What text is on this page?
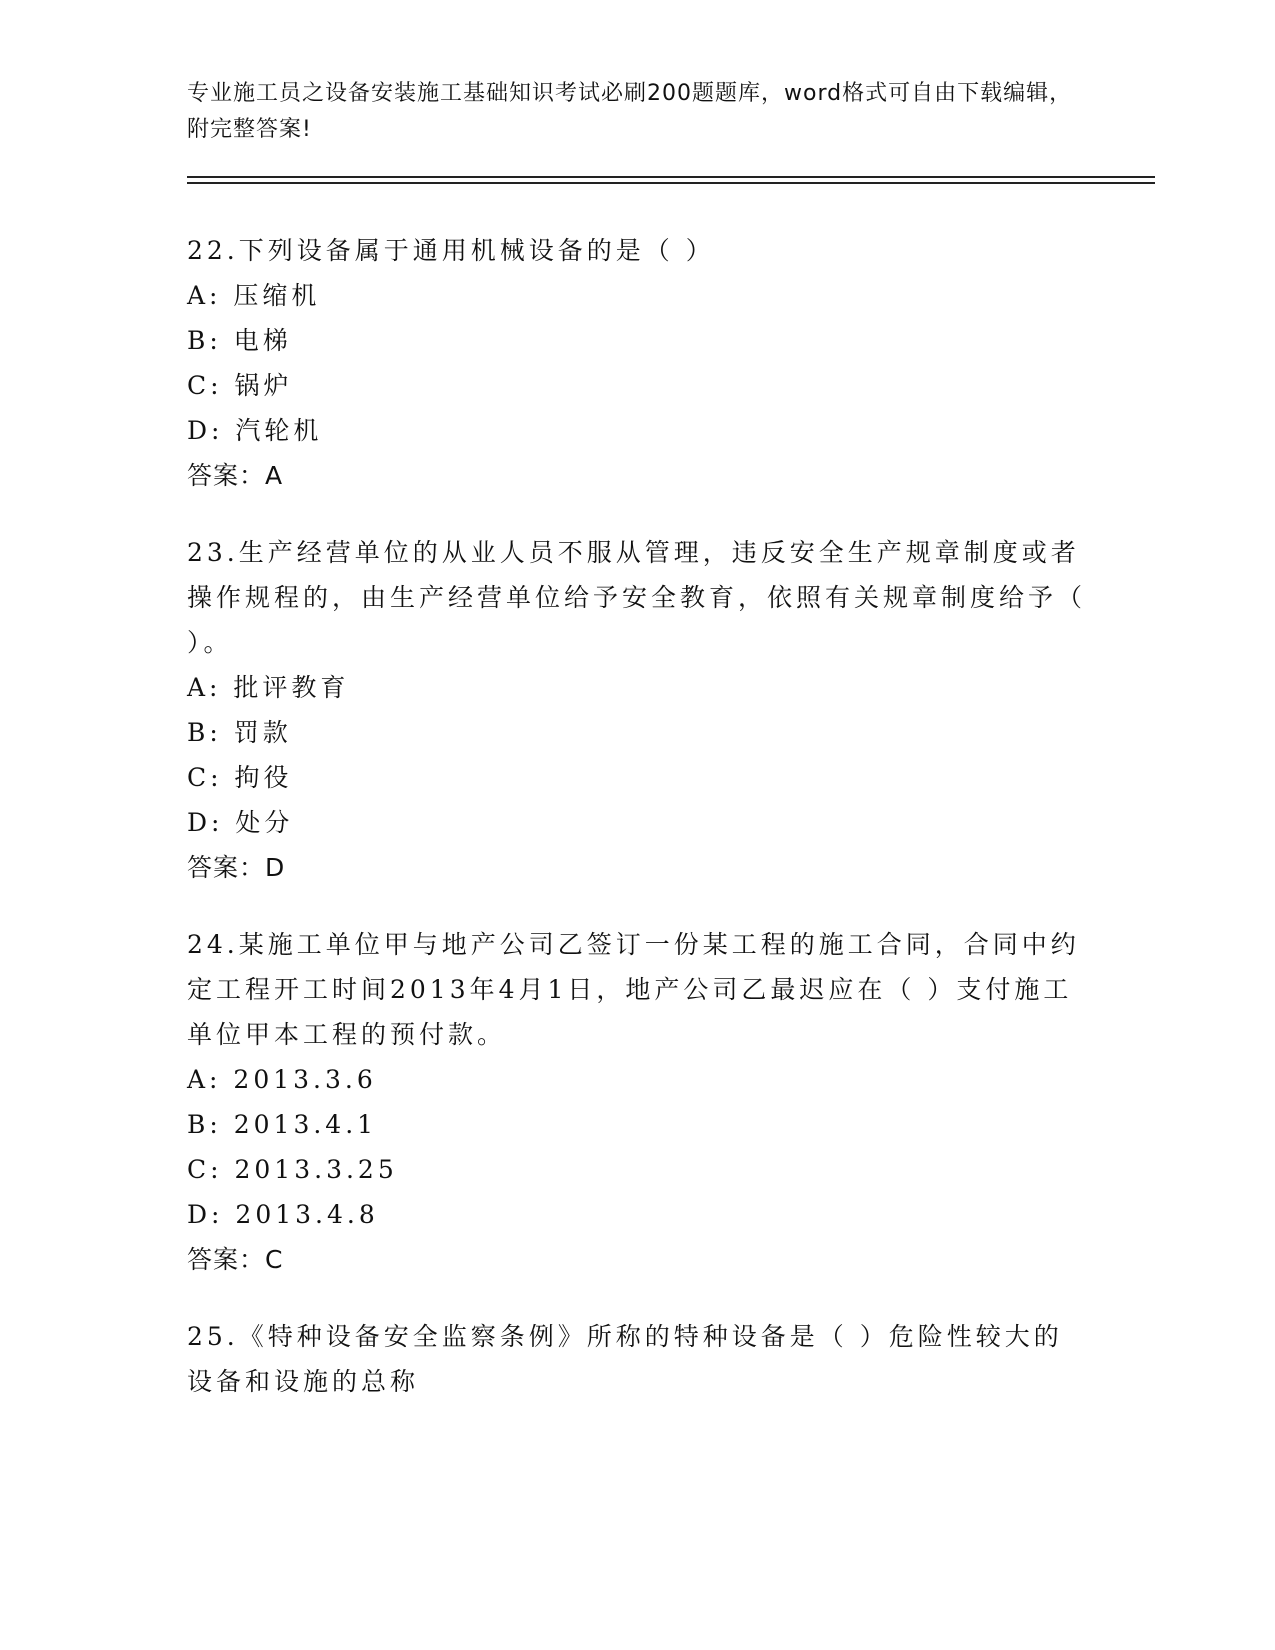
专业施工员之设备安装施工基础知识考试必刷200题题库，word格式可自由下载编辑，附完整答案!

22.下列设备属于通用机械设备的是（ ）

A: 压缩机

B: 电梯

C: 锅炉

D: 汽轮机

答案：A

23.生产经营单位的从业人员不服从管理，违反安全生产规章制度或者操作规程的，由生产经营单位给予安全教育，依照有关规章制度给予（ ）。

A: 批评教育

B: 罚款

C: 拘役

D: 处分

答案：D

24.某施工单位甲与地产公司乙签订一份某工程的施工合同，合同中约定工程开工时间2013年4月1日，地产公司乙最迟应在（ ）支付施工单位甲本工程的预付款。

A: 2013.3.6

B: 2013.4.1

C: 2013.3.25

D: 2013.4.8

答案：C

25.《特种设备安全监察条例》所称的特种设备是（ ）危险性较大的设备和设施的总称
